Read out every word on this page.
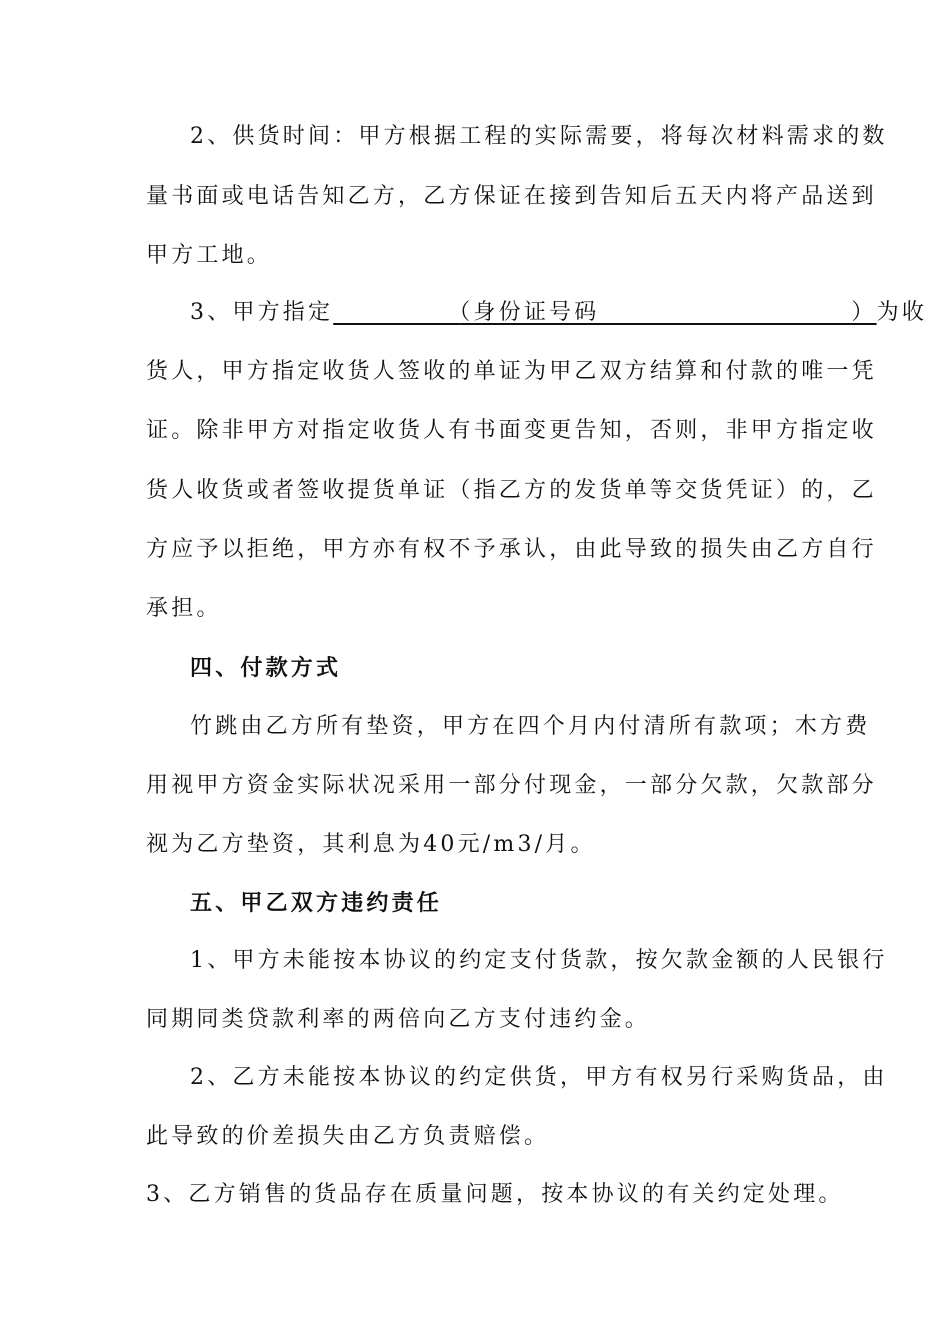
2、供货时间：甲方根据工程的实际需要，将每次材料需求的数
量书面或电话告知乙方，乙方保证在接到告知后五天内将产品送到
甲方工地。
3、甲方指定　　　　　	（身份证号码　　　　　　　　　　）为收
货人，甲方指定收货人签收的单证为甲乙双方结算和付款的唯一凭
证。除非甲方对指定收货人有书面变更告知，否则，非甲方指定收
货人收货或者签收提货单证（指乙方的发货单等交货凭证）的，乙
方应予以拒绝，甲方亦有权不予承认，由此导致的损失由乙方自行
承担。
四、付款方式
竹跳由乙方所有垫资，甲方在四个月内付清所有款项；木方费
用视甲方资金实际状况采用一部分付现金，一部分欠款，欠款部分
视为乙方垫资，其利息为40元/m3/月。
五、甲乙双方违约责任
1、甲方未能按本协议的约定支付货款，按欠款金额的人民银行
同期同类贷款利率的两倍向乙方支付违约金。
2、乙方未能按本协议的约定供货，甲方有权另行采购货品，由
此导致的价差损失由乙方负责赔偿。
3、乙方销售的货品存在质量问题，按本协议的有关约定处理。
